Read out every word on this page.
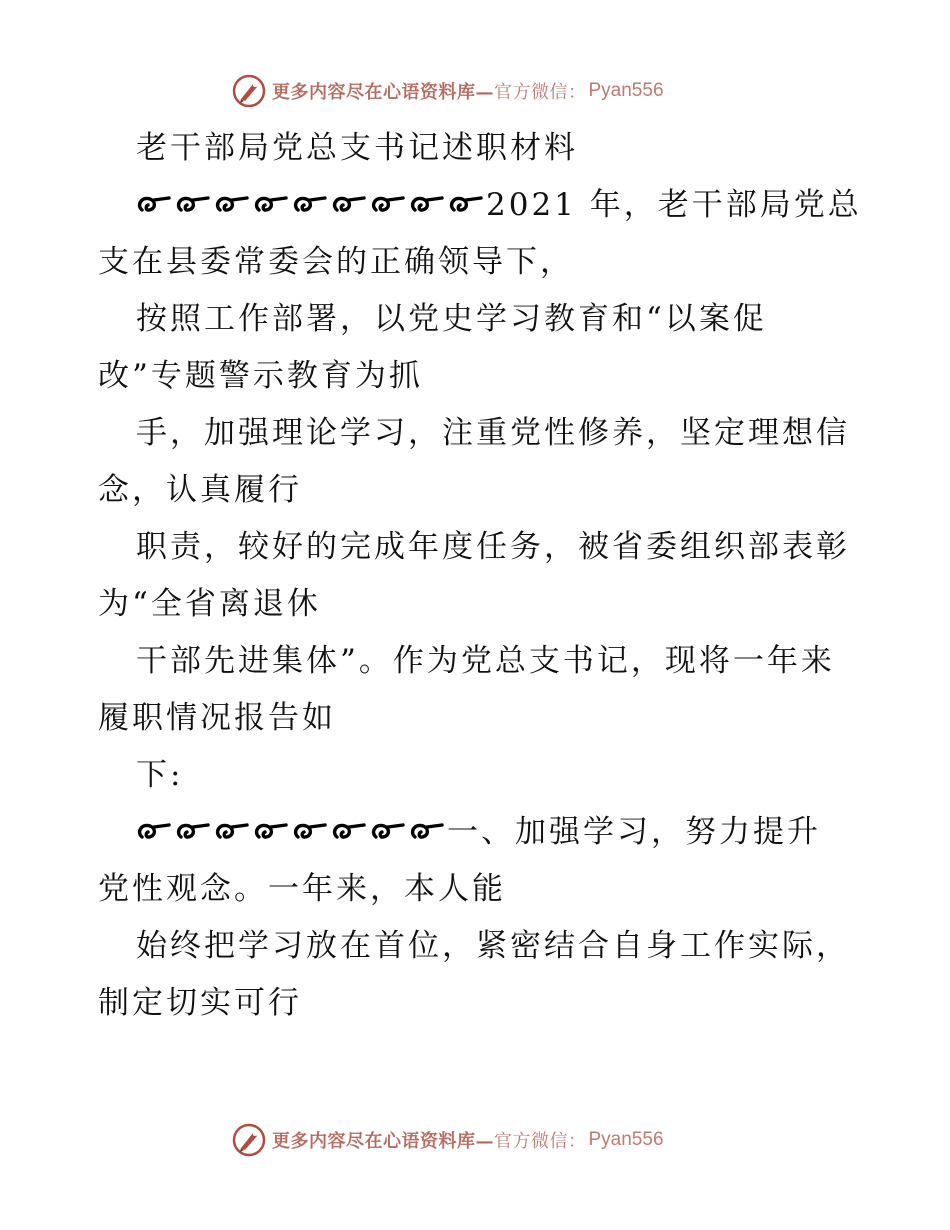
更多内容尽在心语资料库— 官方微信： Pyan556
老干部局党总支书记述职材料
2021 年，老干部局党总
支在县委常委会的正确领导下，
按照工作部署，以党史学习教育和“以案促
改”专题警示教育为抓
手，加强理论学习，注重党性修养，坚定理想信
念，认真履行
职责，较好的完成年度任务，被省委组织部表彰
为“全省离退休
干部先进集体”。作为党总支书记，现将一年来
履职情况报告如
下:
一、加强学习，努力提升
党性观念。一年来，本人能
始终把学习放在首位，紧密结合自身工作实际，
制定切实可行
更多内容尽在心语资料库— 官方微信： Pyan556
